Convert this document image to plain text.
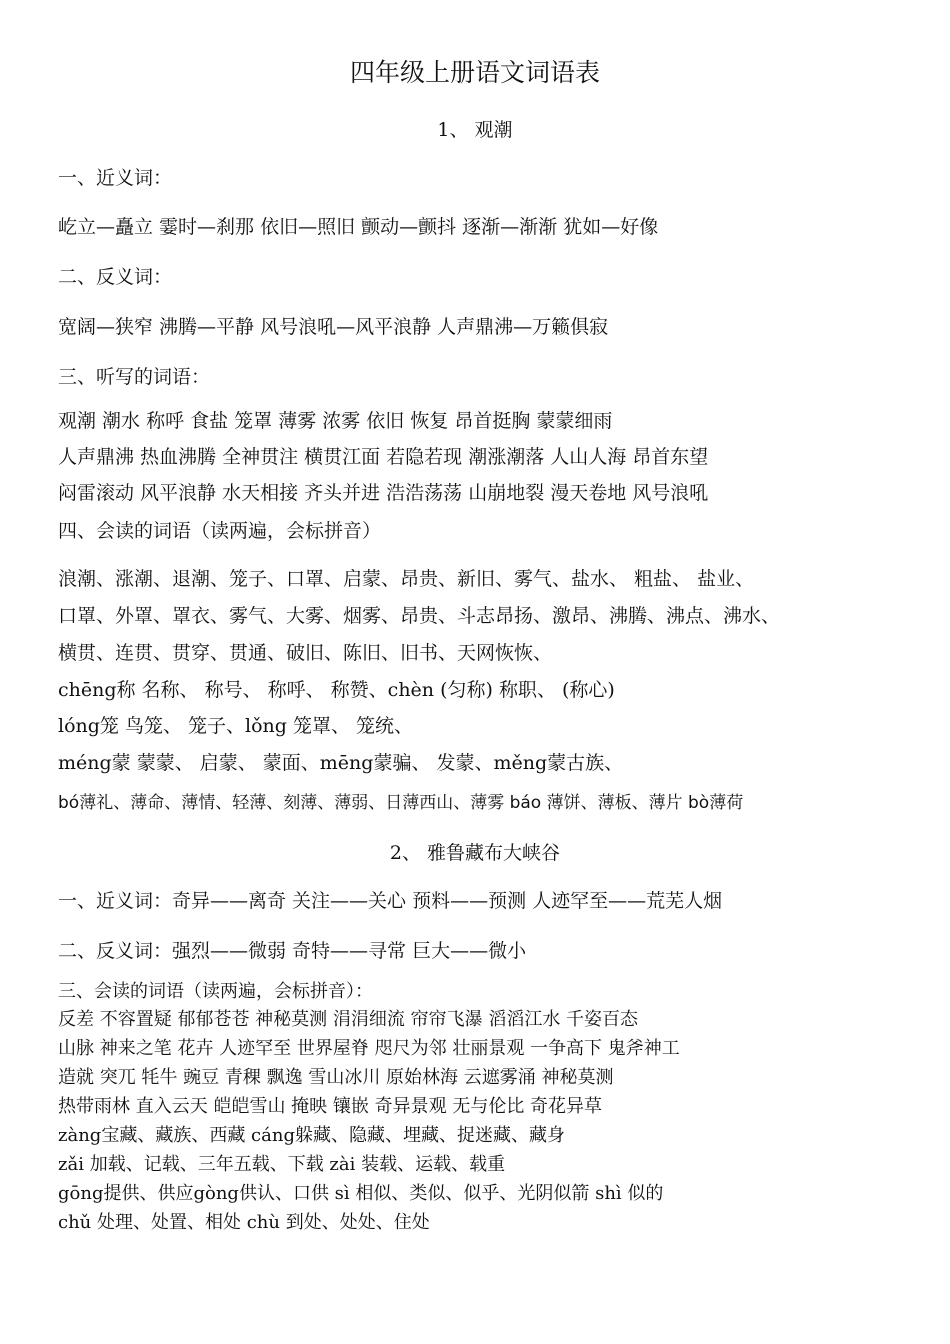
四年级上册语文词语表
1、 观潮
一、近义词：
屹立—矗立 霎时—刹那 依旧—照旧 颤动—颤抖 逐渐—渐渐 犹如—好像
二、反义词：
宽阔—狭窄 沸腾—平静 风号浪吼—风平浪静 人声鼎沸—万籁俱寂
三、听写的词语：
观潮 潮水 称呼 食盐 笼罩 薄雾 浓雾 依旧 恢复 昂首挺胸 蒙蒙细雨
人声鼎沸 热血沸腾 全神贯注 横贯江面 若隐若现 潮涨潮落 人山人海 昂首东望
闷雷滚动 风平浪静 水天相接 齐头并进 浩浩荡荡 山崩地裂 漫天卷地 风号浪吼
四、会读的词语（读两遍，会标拼音）
浪潮、涨潮、退潮、笼子、口罩、启蒙、昂贵、新旧、雾气、盐水、 粗盐、 盐业、
口罩、外罩、罩衣、雾气、大雾、烟雾、昂贵、斗志昂扬、激昂、沸腾、沸点、沸水、
横贯、连贯、贯穿、贯通、破旧、陈旧、旧书、天网恢恢、
chēng称 名称、 称号、 称呼、 称赞、chèn (匀称) 称职、 (称心)
lóng笼 鸟笼、 笼子、lǒng 笼罩、 笼统、
méng蒙 蒙蒙、 启蒙、 蒙面、mēng蒙骗、 发蒙、měng蒙古族、
bó薄礼、薄命、薄情、轻薄、刻薄、薄弱、日薄西山、薄雾 báo 薄饼、薄板、薄片 bò薄荷
2、 雅鲁藏布大峡谷
一、近义词：奇异——离奇 关注——关心 预料——预测 人迹罕至——荒芜人烟
二、反义词：强烈——微弱 奇特——寻常 巨大——微小
三、会读的词语（读两遍，会标拼音）：
反差 不容置疑 郁郁苍苍 神秘莫测 涓涓细流 帘帘飞瀑 滔滔江水 千姿百态
山脉 神来之笔 花卉 人迹罕至 世界屋脊 咫尺为邻 壮丽景观 一争高下 鬼斧神工
造就 突兀 牦牛 豌豆 青稞 飘逸 雪山冰川 原始林海 云遮雾涌 神秘莫测
热带雨林 直入云天 皑皑雪山 掩映 镶嵌 奇异景观 无与伦比 奇花异草
zàng宝藏、藏族、西藏 cáng躲藏、隐藏、埋藏、捉迷藏、藏身
zǎi 加载、记载、三年五载、下载 zài 装载、运载、载重
gōng提供、供应gòng供认、口供 sì 相似、类似、似乎、光阴似箭 shì 似的
chǔ 处理、处置、相处 chù 到处、处处、住处
